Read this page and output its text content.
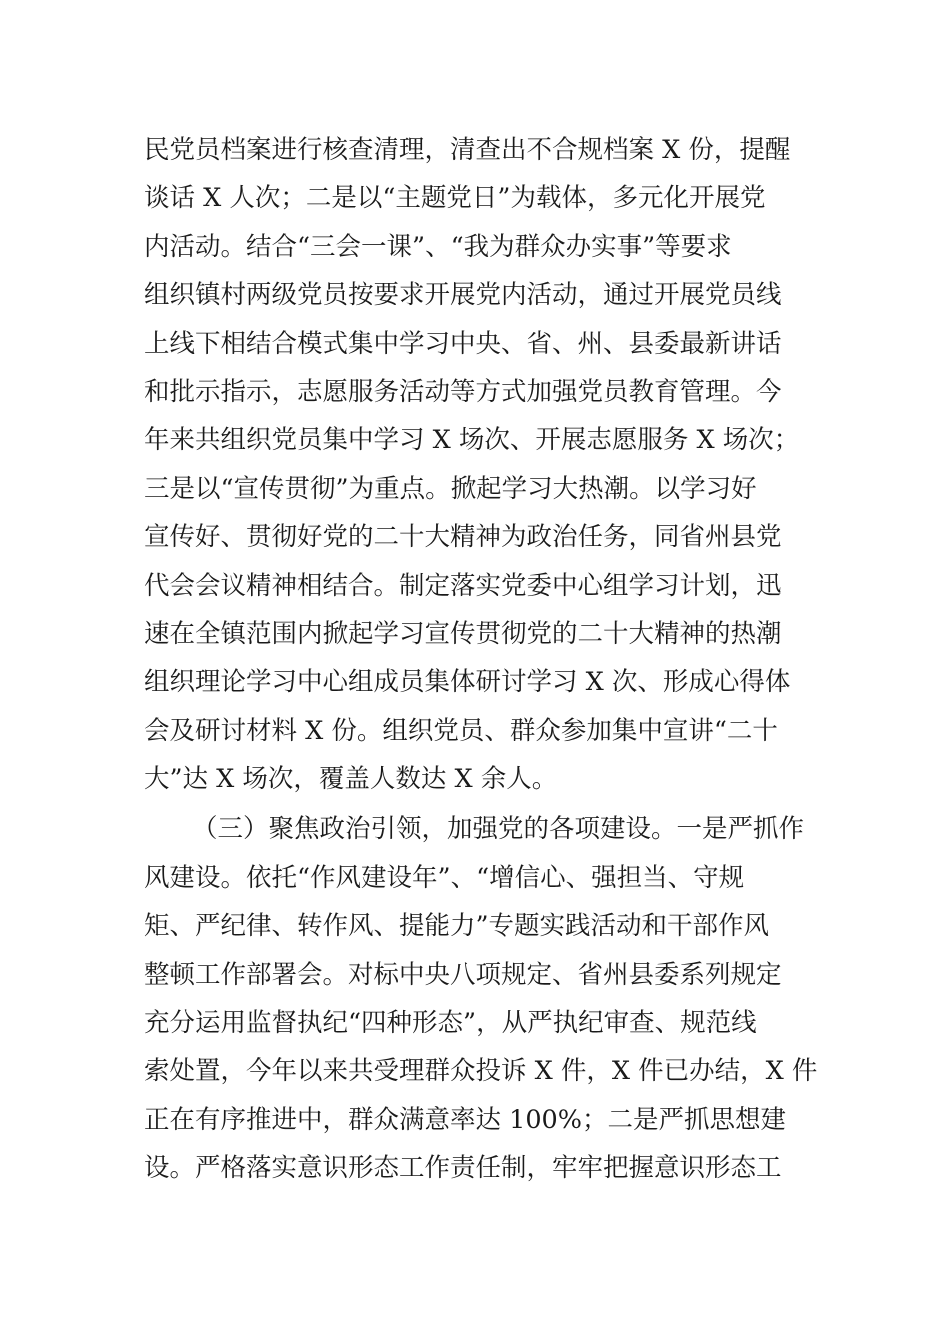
民党员档案进行核查清理，清查出不合规档案 X 份，提醒
谈话 X 人次；二是以“主题党日”为载体，多元化开展党
内活动。结合“三会一课”、“我为群众办实事”等要求
组织镇村两级党员按要求开展党内活动，通过开展党员线
上线下相结合模式集中学习中央、省、州、县委最新讲话
和批示指示，志愿服务活动等方式加强党员教育管理。今
年来共组织党员集中学习 X 场次、开展志愿服务 X 场次；
三是以“宣传贯彻”为重点。掀起学习大热潮。以学习好
宣传好、贯彻好党的二十大精神为政治任务，同省州县党
代会会议精神相结合。制定落实党委中心组学习计划，迅
速在全镇范围内掀起学习宣传贯彻党的二十大精神的热潮
组织理论学习中心组成员集体研讨学习 X 次、形成心得体
会及研讨材料 X 份。组织党员、群众参加集中宣讲“二十
大”达 X 场次，覆盖人数达 X 余人。
（三）聚焦政治引领，加强党的各项建设。一是严抓作
风建设。依托“作风建设年”、“增信心、强担当、守规
矩、严纪律、转作风、提能力”专题实践活动和干部作风
整顿工作部署会。对标中央八项规定、省州县委系列规定
充分运用监督执纪“四种形态”，从严执纪审查、规范线
索处置，今年以来共受理群众投诉 X 件，X 件已办结，X 件
正在有序推进中，群众满意率达 100%；二是严抓思想建
设。严格落实意识形态工作责任制，牢牢把握意识形态工
